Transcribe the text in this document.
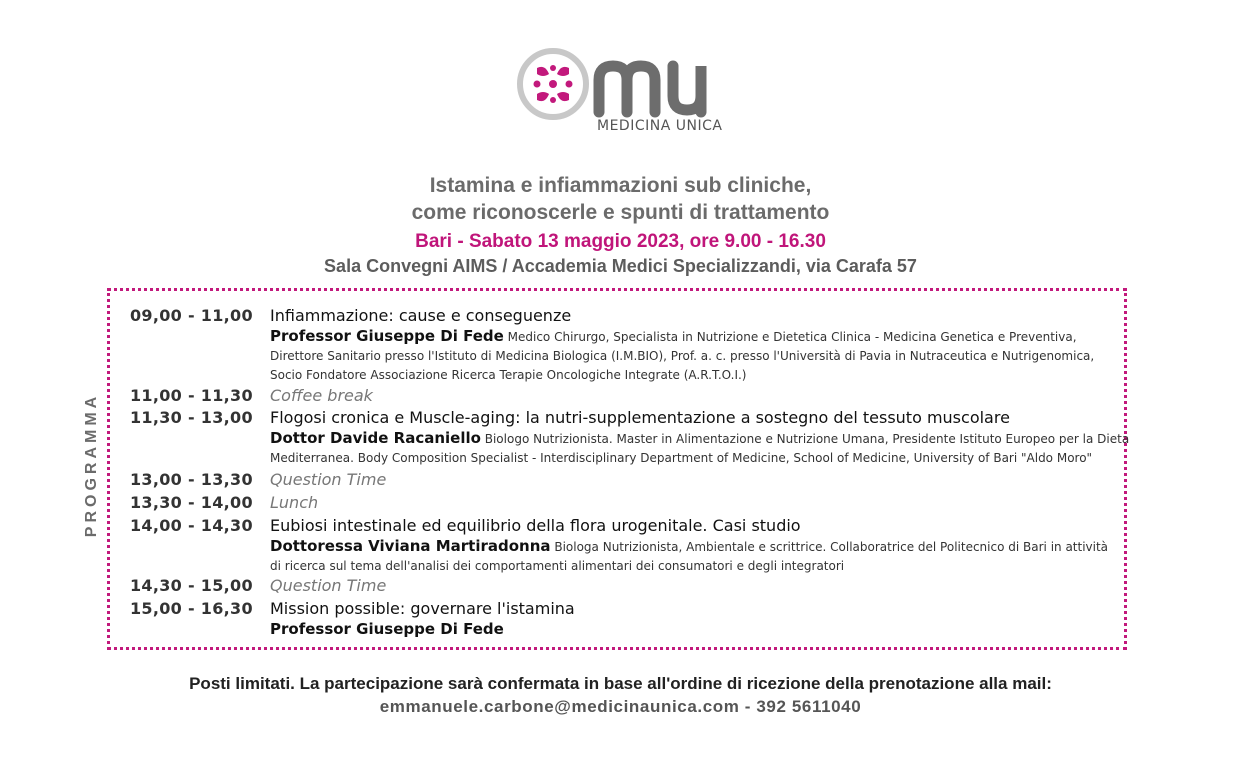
MEDICINA UNICA
Istamina e infiammazioni sub cliniche,
come riconoscerle e spunti di trattamento
Bari - Sabato 13 maggio 2023, ore 9.00 - 16.30
Sala Convegni AIMS / Accademia Medici Specializzandi, via Carafa 57
PROGRAMMA
09,00 - 11,00 Infiammazione: cause e conseguenze
Professor Giuseppe Di Fede Medico Chirurgo, Specialista in Nutrizione e Dietetica Clinica - Medicina Genetica e Preventiva,
Direttore Sanitario presso l'Istituto di Medicina Biologica (I.M.BIO), Prof. a. c. presso l'Università di Pavia in Nutraceutica e Nutrigenomica,
Socio Fondatore Associazione Ricerca Terapie Oncologiche Integrate (A.R.T.O.I.)
11,00 - 11,30 Coffee break
11,30 - 13,00 Flogosi cronica e Muscle-aging: la nutri-supplementazione a sostegno del tessuto muscolare
Dottor Davide Racaniello Biologo Nutrizionista. Master in Alimentazione e Nutrizione Umana, Presidente Istituto Europeo per la Dieta
Mediterranea. Body Composition Specialist - Interdisciplinary Department of Medicine, School of Medicine, University of Bari "Aldo Moro"
13,00 - 13,30 Question Time
13,30 - 14,00 Lunch
14,00 - 14,30 Eubiosi intestinale ed equilibrio della flora urogenitale. Casi studio
Dottoressa Viviana Martiradonna Biologa Nutrizionista, Ambientale e scrittrice. Collaboratrice del Politecnico di Bari in attività
di ricerca sul tema dell'analisi dei comportamenti alimentari dei consumatori e degli integratori
14,30 - 15,00 Question Time
15,00 - 16,30 Mission possible: governare l'istamina
Professor Giuseppe Di Fede
Posti limitati. La partecipazione sarà confermata in base all'ordine di ricezione della prenotazione alla mail:
emmanuele.carbone@medicinaunica.com - 392 5611040
